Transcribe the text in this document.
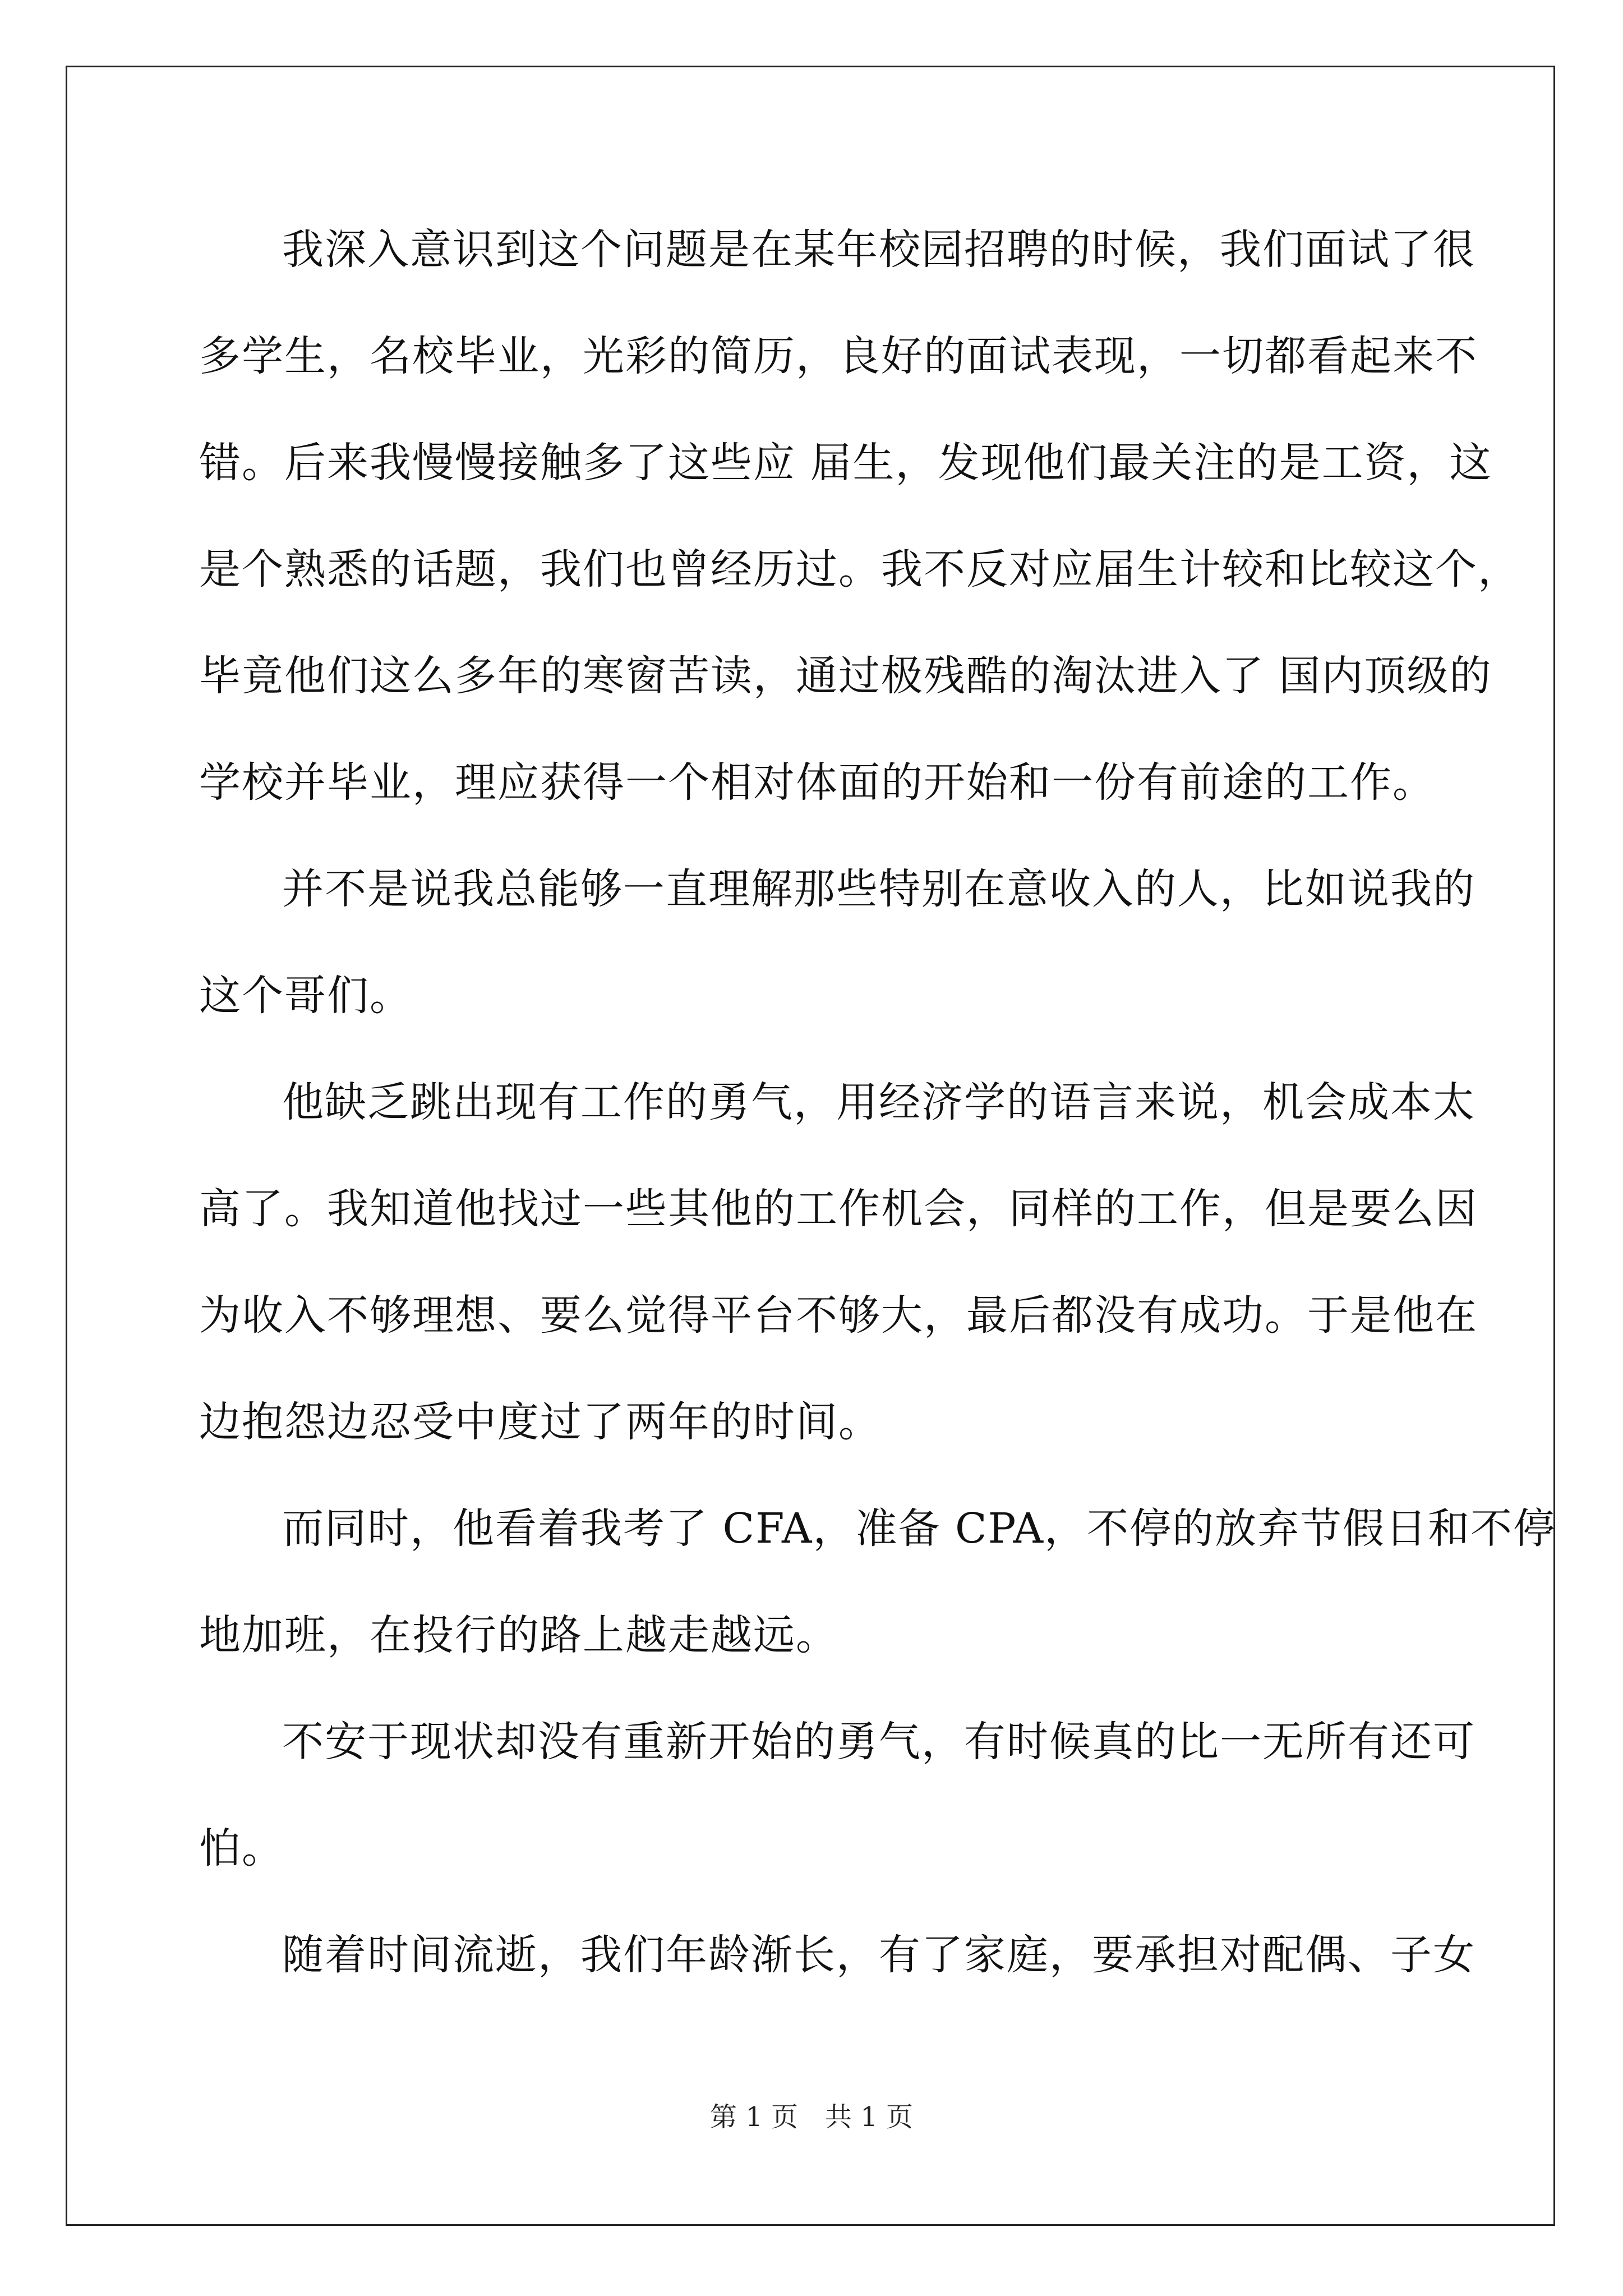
我深入意识到这个问题是在某年校园招聘的时候，我们面试了很
多学生，名校毕业，光彩的简历，良好的面试表现，一切都看起来不
错。后来我慢慢接触多了这些应 届生，发现他们最关注的是工资，这
是个熟悉的话题，我们也曾经历过。我不反对应届生计较和比较这个，
毕竟他们这么多年的寒窗苦读，通过极残酷的淘汰进入了 国内顶级的
学校并毕业，理应获得一个相对体面的开始和一份有前途的工作。
并不是说我总能够一直理解那些特别在意收入的人，比如说我的
这个哥们。
他缺乏跳出现有工作的勇气，用经济学的语言来说，机会成本太
高了。我知道他找过一些其他的工作机会，同样的工作，但是要么因
为收入不够理想、要么觉得平台不够大，最后都没有成功。于是他在
边抱怨边忍受中度过了两年的时间。
而同时，他看着我考了 CFA，准备 CPA，不停的放弃节假日和不停
地加班，在投行的路上越走越远。
不安于现状却没有重新开始的勇气，有时候真的比一无所有还可
怕。
随着时间流逝，我们年龄渐长，有了家庭，要承担对配偶、子女
第 1 页　共 1 页
